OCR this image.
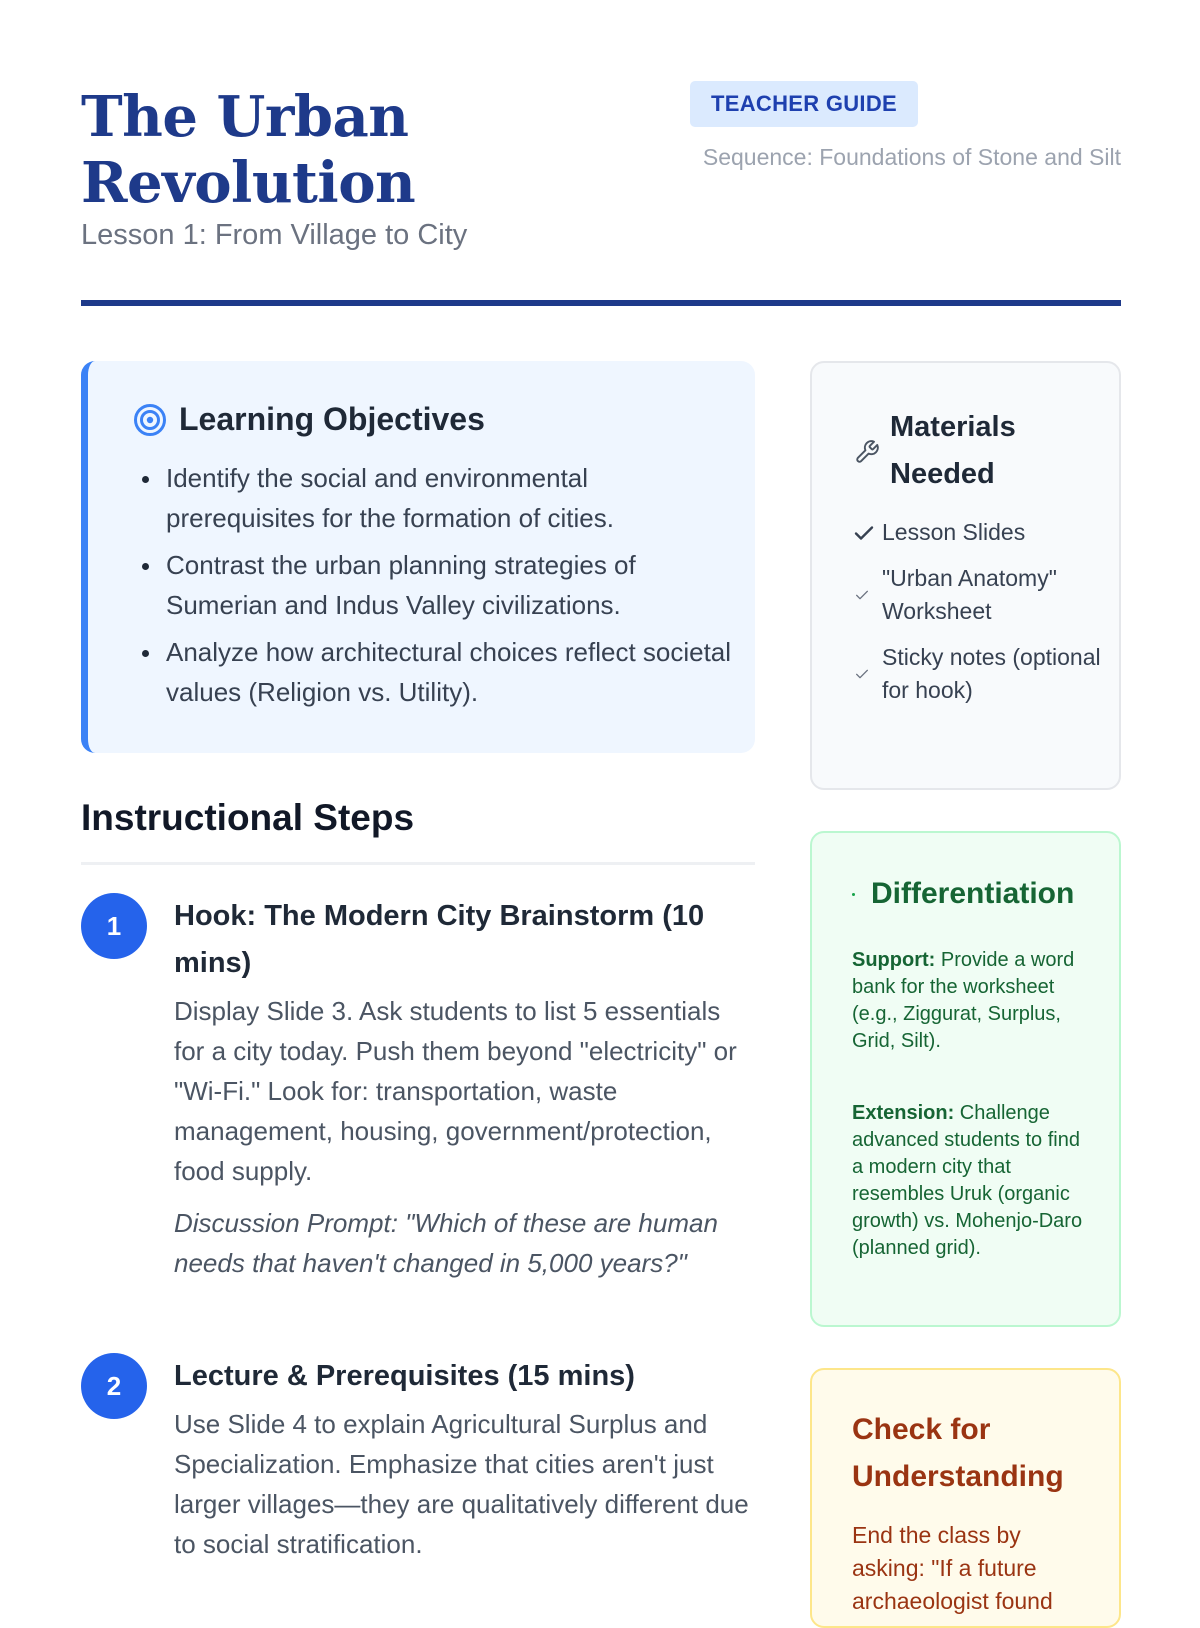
The Urban Revolution
Lesson 1: From Village to City
TEACHER GUIDE
Sequence: Foundations of Stone and Silt
Learning Objectives
Identify the social and environmental prerequisites for the formation of cities.
Contrast the urban planning strategies of Sumerian and Indus Valley civilizations.
Analyze how architectural choices reflect societal values (Religion vs. Utility).
Instructional Steps
1	Hook: The Modern City Brainstorm (10 mins)

Display Slide 3. Ask students to list 5 essentials for a city today. Push them beyond "electricity" or "Wi-Fi." Look for: transportation, waste management, housing, government/protection, food supply.

Discussion Prompt: "Which of these are human needs that haven't changed in 5,000 years?"

2	Lecture & Prerequisites (15 mins)

Use Slide 4 to explain Agricultural Surplus and Specialization. Emphasize that cities aren't just larger villages—they are qualitatively different due to social stratification.

Materials Needed
Lesson Slides
"Urban Anatomy" Worksheet
Sticky notes (optional for hook)
Differentiation

Support: Provide a word bank for the worksheet (e.g., Ziggurat, Surplus, Grid, Silt).

Extension: Challenge advanced students to find a modern city that resembles Uruk (organic growth) vs. Mohenjo-Daro (planned grid).

Check for Understanding

End the class by asking: "If a future archaeologist found
